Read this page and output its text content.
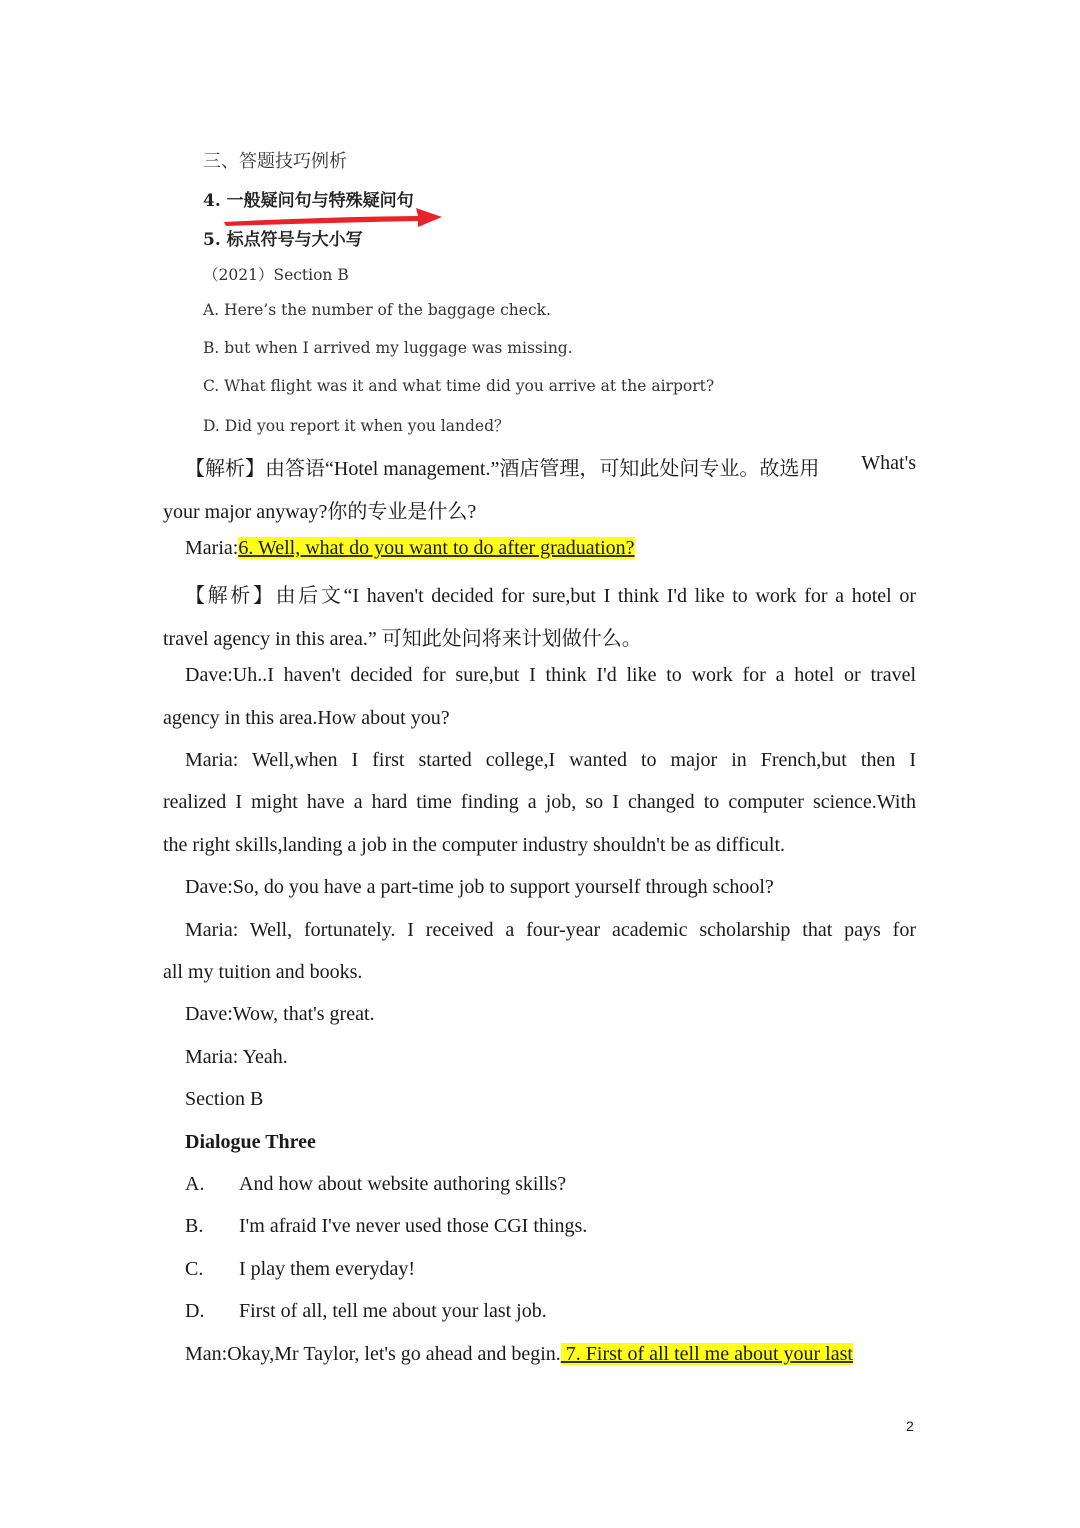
三、答题技巧例析
4. 一般疑问句与特殊疑问句
5. 标点符号与大小写
（2021）Section B
A. Here’s the number of the baggage check.
B. but when I arrived my luggage was missing.
C. What flight was it and what time did you arrive at the airport?
D. Did you report it when you landed？
【解析】由答语“Hotel management.”酒店管理，可知此处问专业。故选用 What's
your major anyway?你的专业是什么?
Maria:6. Well, what do you want to do after graduation?
【解析】由后文“I haven't decided for sure,but I think I'd like to work for a hotel or
travel agency in this area.” 可知此处问将来计划做什么。
Dave:Uh..I haven't decided for sure,but I think I'd like to work for a hotel or travel
agency in this area.How about you?
Maria: Well,when I first started college,I wanted to major in French,but then I
realized I might have a hard time finding a job, so I changed to computer science.With
the right skills,landing a job in the computer industry shouldn't be as difficult.
Dave:So, do you have a part-time job to support yourself through school?
Maria: Well, fortunately. I received a four-year academic scholarship that pays for
all my tuition and books.
Dave:Wow, that's great.
Maria: Yeah.
Section B
Dialogue Three
A. And how about website authoring skills?
B. I'm afraid I've never used those CGI things.
C. I play them everyday!
D. First of all, tell me about your last job.
Man:Okay,Mr Taylor, let's go ahead and begin. 7. First of all tell me about your last
2
